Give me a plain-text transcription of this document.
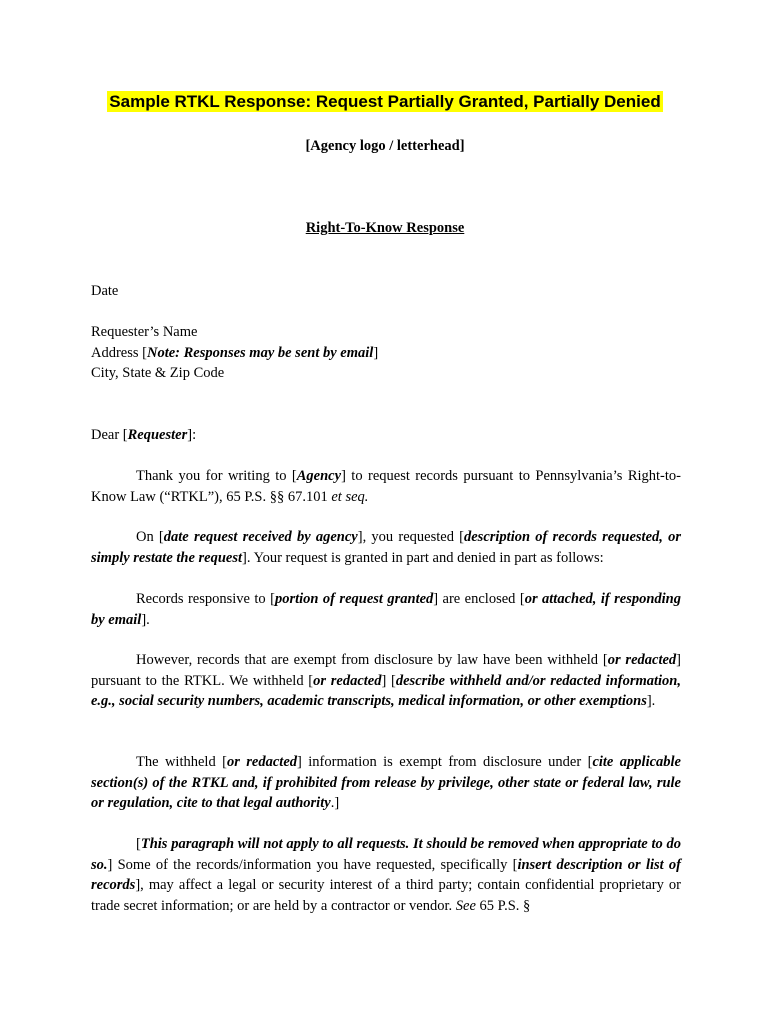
Sample RTKL Response: Request Partially Granted, Partially Denied
[Agency logo / letterhead]
Right-To-Know Response
Date
Requester’s Name
Address [Note: Responses may be sent by email]
City, State & Zip Code
Dear [Requester]:
Thank you for writing to [Agency] to request records pursuant to Pennsylvania’s Right-to-Know Law (“RTKL”), 65 P.S. §§ 67.101 et seq.
On [date request received by agency], you requested [description of records requested, or simply restate the request]. Your request is granted in part and denied in part as follows:
Records responsive to [portion of request granted] are enclosed [or attached, if responding by email].
However, records that are exempt from disclosure by law have been withheld [or redacted] pursuant to the RTKL. We withheld [or redacted] [describe withheld and/or redacted information, e.g., social security numbers, academic transcripts, medical information, or other exemptions].
The withheld [or redacted] information is exempt from disclosure under [cite applicable section(s) of the RTKL and, if prohibited from release by privilege, other state or federal law, rule or regulation, cite to that legal authority.]
[This paragraph will not apply to all requests. It should be removed when appropriate to do so.] Some of the records/information you have requested, specifically [insert description or list of records], may affect a legal or security interest of a third party; contain confidential proprietary or trade secret information; or are held by a contractor or vendor. See 65 P.S. §
